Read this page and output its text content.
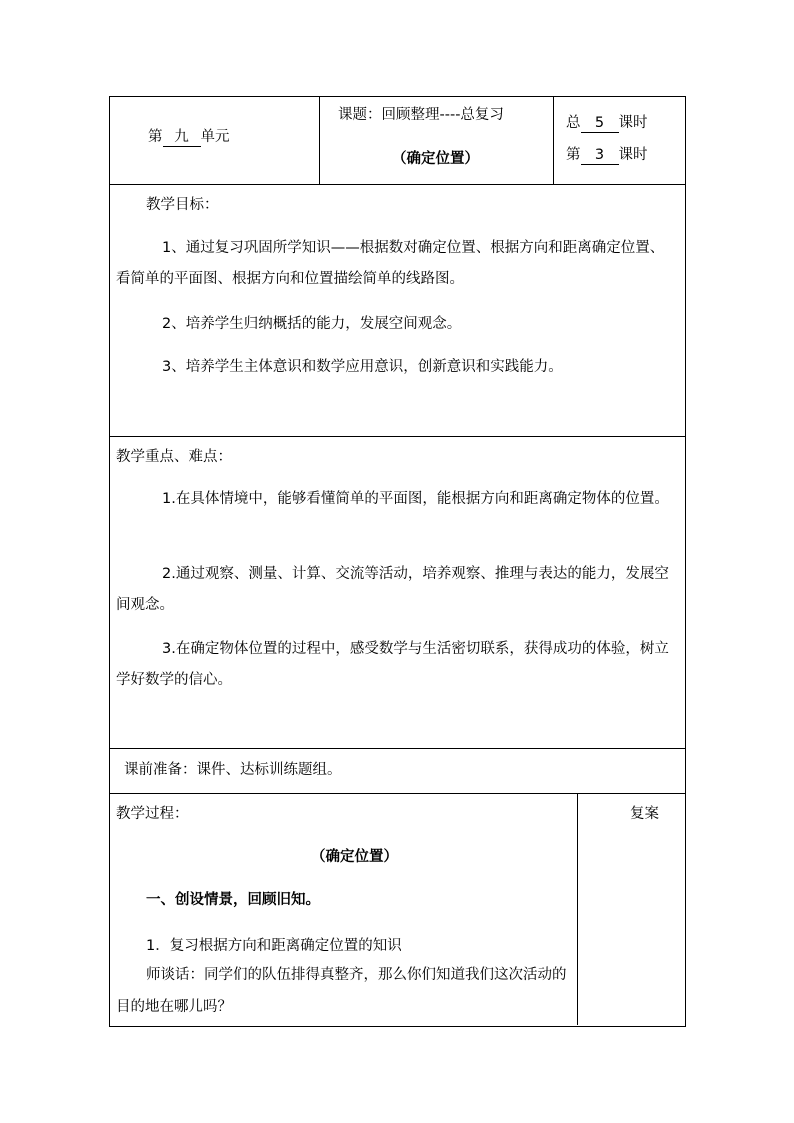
第 九 单元
课题：回顾整理----总复习
（确定位置）
总 5 课时
第 3 课时
教学目标：
1、通过复习巩固所学知识——根据数对确定位置、根据方向和距离确定位置、看简单的平面图、根据方向和位置描绘简单的线路图。
2、培养学生归纳概括的能力，发展空间观念。
3、培养学生主体意识和数学应用意识，创新意识和实践能力。
教学重点、难点：
1.在具体情境中，能够看懂简单的平面图，能根据方向和距离确定物体的位置。
2.通过观察、测量、计算、交流等活动，培养观察、推理与表达的能力，发展空间观念。
3.在确定物体位置的过程中，感受数学与生活密切联系，获得成功的体验，树立学好数学的信心。
课前准备：课件、达标训练题组。
教学过程：	复案
（确定位置）
一、创设情景，回顾旧知。
1．复习根据方向和距离确定位置的知识
师谈话：同学们的队伍排得真整齐，那么你们知道我们这次活动的目的地在哪儿吗？
